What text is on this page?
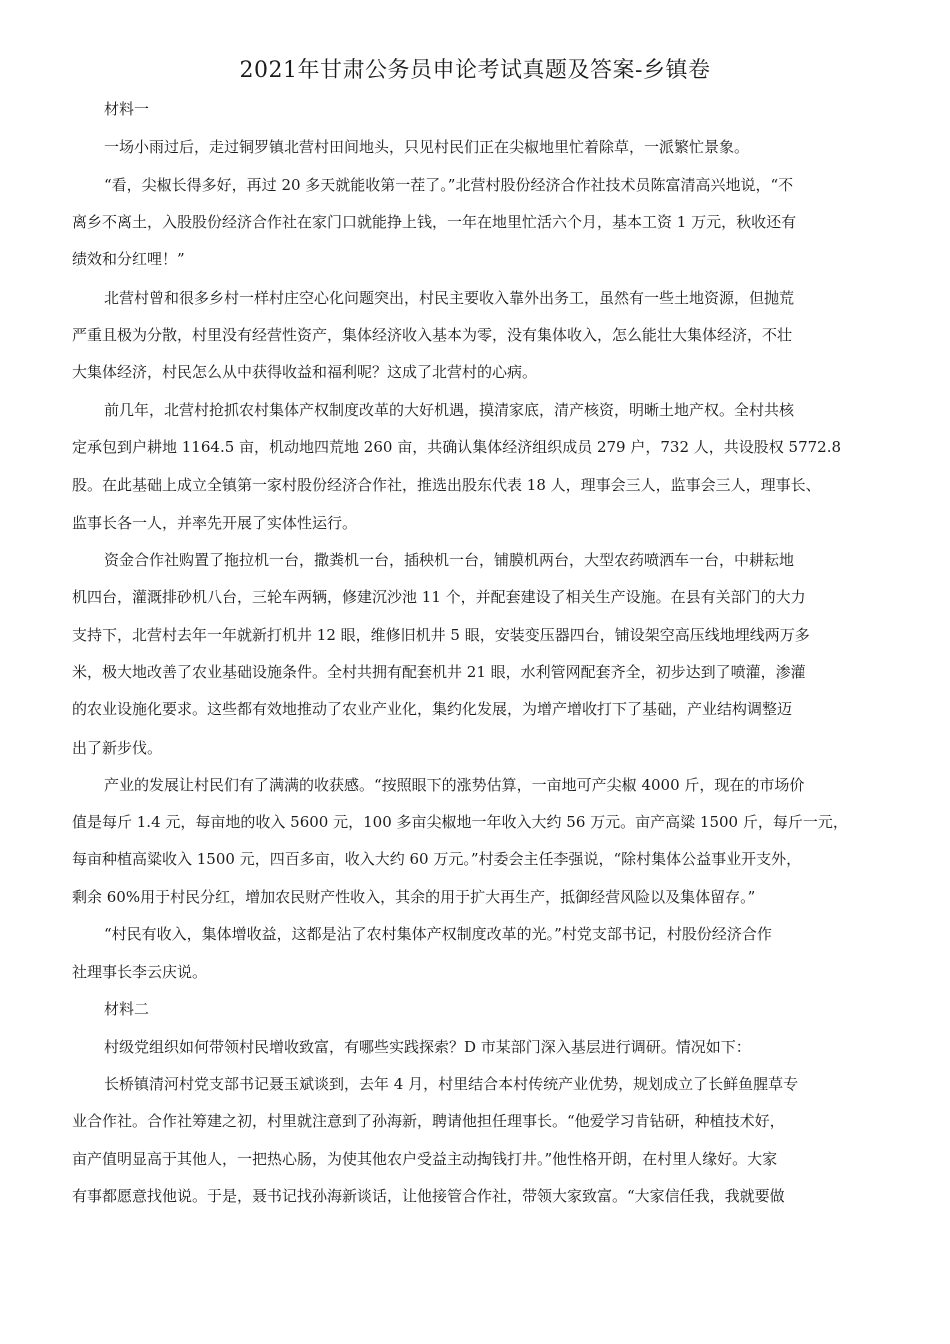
2021年甘肃公务员申论考试真题及答案-乡镇卷
材料一
一场小雨过后，走过铜罗镇北营村田间地头，只见村民们正在尖椒地里忙着除草，一派繁忙景象。
“看，尖椒长得多好，再过 20 多天就能收第一茬了。”北营村股份经济合作社技术员陈富清高兴地说，“不
离乡不离土，入股股份经济合作社在家门口就能挣上钱，一年在地里忙活六个月，基本工资 1 万元，秋收还有
绩效和分红哩！”
北营村曾和很多乡村一样村庄空心化问题突出，村民主要收入靠外出务工，虽然有一些土地资源，但抛荒
严重且极为分散，村里没有经营性资产，集体经济收入基本为零，没有集体收入，怎么能壮大集体经济，不壮
大集体经济，村民怎么从中获得收益和福利呢？这成了北营村的心病。
前几年，北营村抢抓农村集体产权制度改革的大好机遇，摸清家底，清产核资，明晰土地产权。全村共核
定承包到户耕地 1164.5 亩，机动地四荒地 260 亩，共确认集体经济组织成员 279 户，732 人，共设股权 5772.8
股。在此基础上成立全镇第一家村股份经济合作社，推选出股东代表 18 人，理事会三人，监事会三人，理事长、
监事长各一人，并率先开展了实体性运行。
资金合作社购置了拖拉机一台，撒粪机一台，插秧机一台，铺膜机两台，大型农药喷洒车一台，中耕耘地
机四台，灌溉排砂机八台，三轮车两辆，修建沉沙池 11 个，并配套建设了相关生产设施。在县有关部门的大力
支持下，北营村去年一年就新打机井 12 眼，维修旧机井 5 眼，安装变压器四台，铺设架空高压线地埋线两万多
米，极大地改善了农业基础设施条件。全村共拥有配套机井 21 眼，水利管网配套齐全，初步达到了喷灌，渗灌
的农业设施化要求。这些都有效地推动了农业产业化，集约化发展，为增产增收打下了基础，产业结构调整迈
出了新步伐。
产业的发展让村民们有了满满的收获感。“按照眼下的涨势估算，一亩地可产尖椒 4000 斤，现在的市场价
值是每斤 1.4 元，每亩地的收入 5600 元，100 多亩尖椒地一年收入大约 56 万元。亩产高粱 1500 斤，每斤一元，
每亩种植高粱收入 1500 元，四百多亩，收入大约 60 万元。”村委会主任李强说，“除村集体公益事业开支外，
剩余 60%用于村民分红，增加农民财产性收入，其余的用于扩大再生产，抵御经营风险以及集体留存。”
“村民有收入，集体增收益，这都是沾了农村集体产权制度改革的光。”村党支部书记，村股份经济合作
社理事长李云庆说。
材料二
村级党组织如何带领村民增收致富，有哪些实践探索？D 市某部门深入基层进行调研。情况如下：
长桥镇清河村党支部书记聂玉斌谈到，去年 4 月，村里结合本村传统产业优势，规划成立了长鲜鱼腥草专
业合作社。合作社筹建之初，村里就注意到了孙海新，聘请他担任理事长。“他爱学习肯钻研，种植技术好，
亩产值明显高于其他人，一把热心肠，为使其他农户受益主动掏钱打井。”他性格开朗，在村里人缘好。大家
有事都愿意找他说。于是，聂书记找孙海新谈话，让他接管合作社，带领大家致富。“大家信任我，我就要做
